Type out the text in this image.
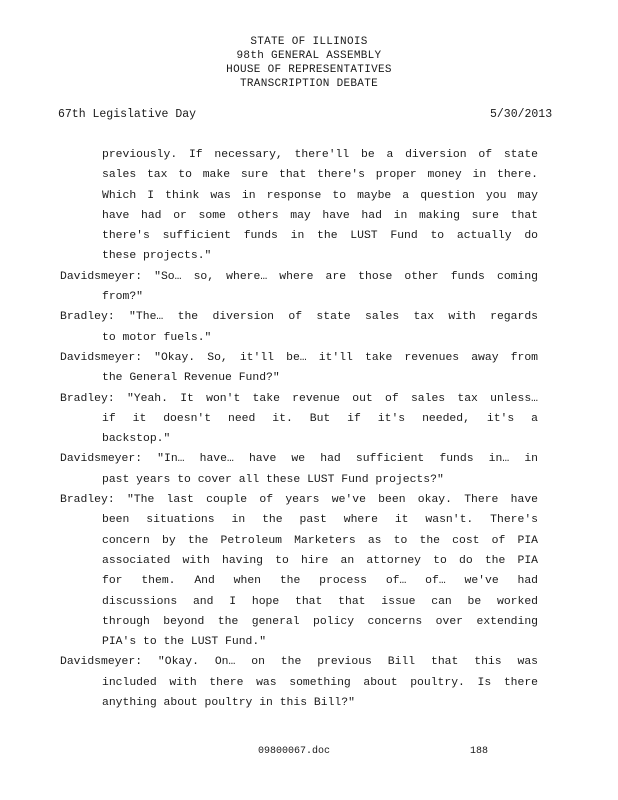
STATE OF ILLINOIS
98th GENERAL ASSEMBLY
HOUSE OF REPRESENTATIVES
TRANSCRIPTION DEBATE
67th Legislative Day	5/30/2013
previously. If necessary, there'll be a diversion of state
sales tax to make sure that there's proper money in there.
Which I think was in response to maybe a question you may
have had or some others may have had in making sure that
there's sufficient funds in the LUST Fund to actually do
these projects."
Davidsmeyer: "So… so, where… where are those other funds coming
from?"
Bradley: "The… the diversion of state sales tax with regards
to motor fuels."
Davidsmeyer: "Okay. So, it'll be… it'll take revenues away from
the General Revenue Fund?"
Bradley: "Yeah. It won't take revenue out of sales tax unless…
if it doesn't need it. But if it's needed, it's a
backstop."
Davidsmeyer: "In… have… have we had sufficient funds in… in
past years to cover all these LUST Fund projects?"
Bradley: "The last couple of years we've been okay. There have
been situations in the past where it wasn't. There's
concern by the Petroleum Marketers as to the cost of PIA
associated with having to hire an attorney to do the PIA
for them. And when the process of… of… we've had
discussions and I hope that that issue can be worked
through beyond the general policy concerns over extending
PIA's to the LUST Fund."
Davidsmeyer: "Okay. On… on the previous Bill that this was
included with there was something about poultry. Is there
anything about poultry in this Bill?"
09800067.doc	188
